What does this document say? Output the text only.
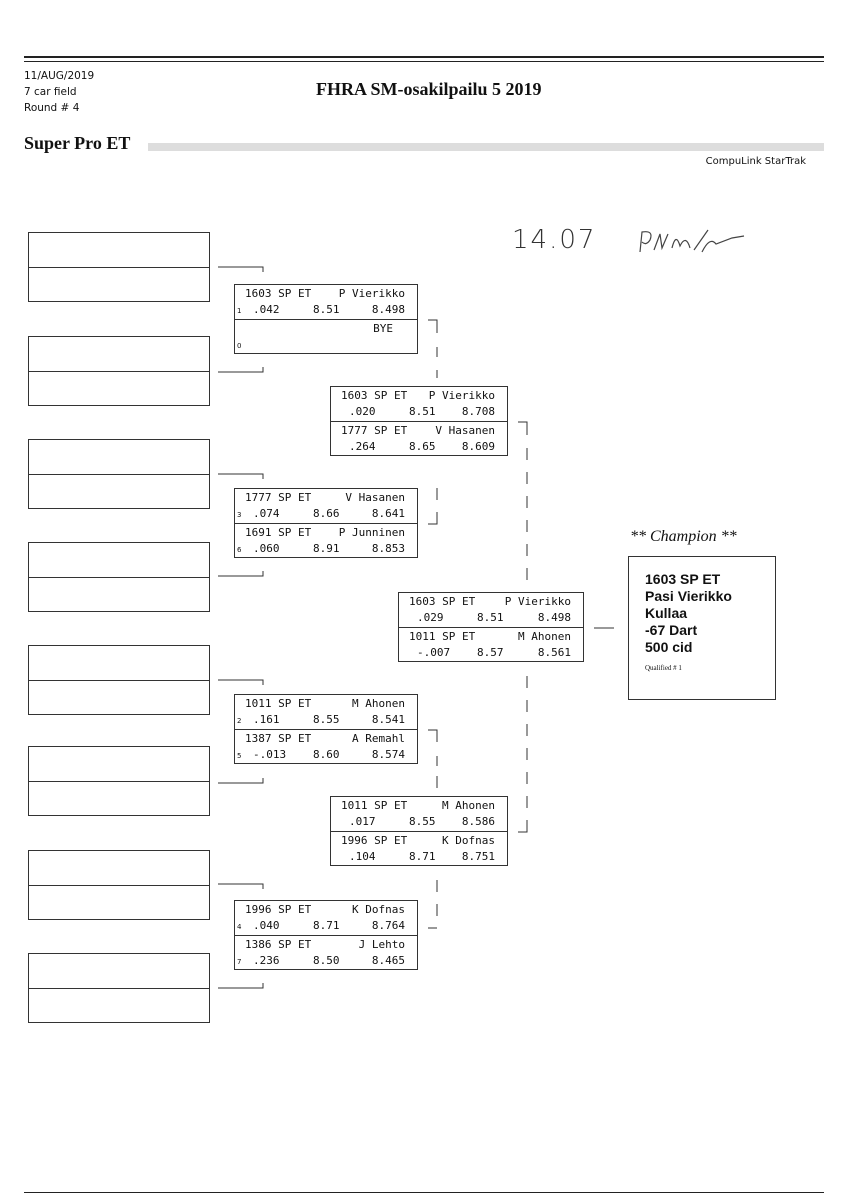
11/AUG/2019
7 car field
Round # 4
FHRA SM-osakilpailu 5 2019
Super Pro ET
CompuLink StarTrak
14.07
1603 SP ET	P Vierikko
1 .042	8.51	8.498
BYE
0
1777 SP ET	V Hasanen
3 .074	8.66	8.641
1691 SP ET	P Junninen
6 .060	8.91	8.853
1011 SP ET	M Ahonen
2 .161	8.55	8.541
1387 SP ET	A Remahl
5 -.013 8.60	8.574
1996 SP ET	K Dofnas
4 .040	8.71	8.764
1386 SP ET	J Lehto
7 .236	8.50	8.465
1603 SP ET P Vierikko
.020	8.51 8.708
1777 SP ET	V Hasanen
.264	8.65 8.609
1011 SP ET	M Ahonen
.017	8.55 8.586
1996 SP ET	K Dofnas
.104	8.71 8.751
1603 SP ET	P Vierikko
.029	8.51	8.498
1011 SP ET	M Ahonen
-.007 8.57	8.561
** Champion **
1603 SP ET
Pasi Vierikko
Kullaa
-67 Dart
500 cid
Qualified # 1
